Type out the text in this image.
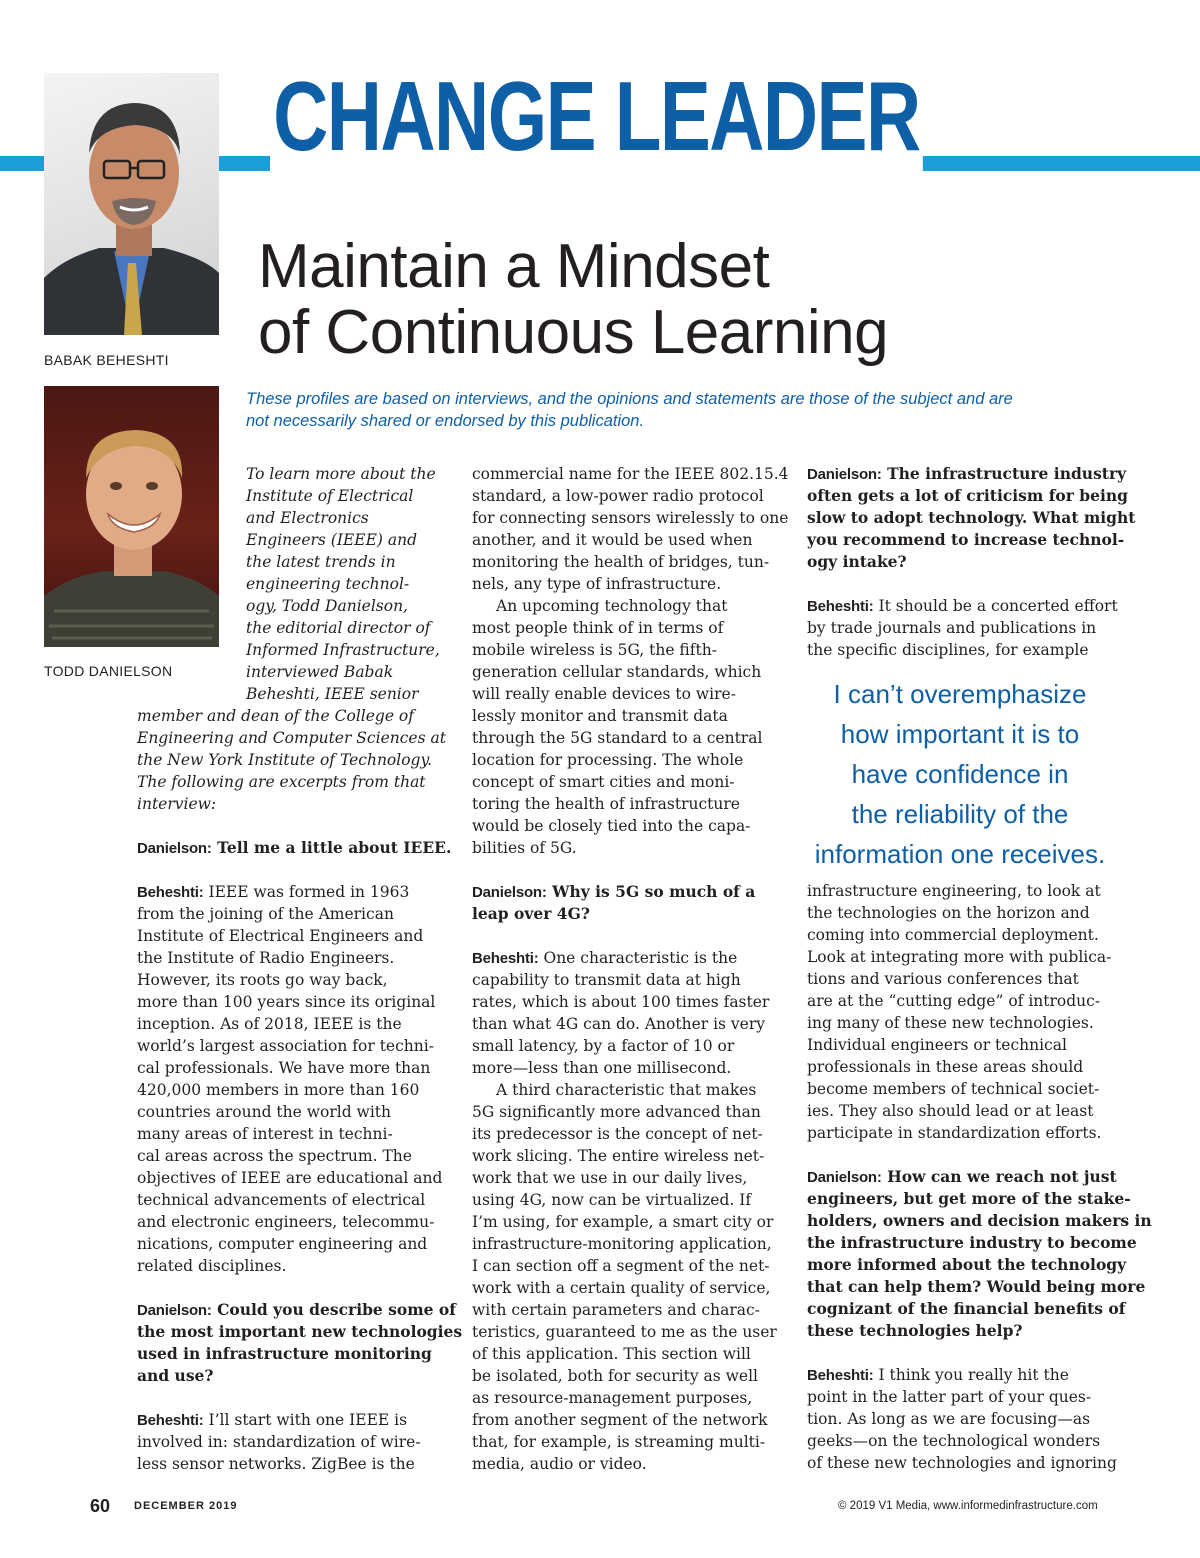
CHANGE LEADER
Maintain a Mindset
of Continuous Learning
BABAK BEHESHTI
TODD DANIELSON
These profiles are based on interviews, and the opinions and statements are those of the subject and are
not necessarily shared or endorsed by this publication.
To learn more about the
Institute of Electrical
and Electronics
Engineers (IEEE) and
the latest trends in
engineering technol-
ogy, Todd Danielson,
the editorial director of
Informed Infrastructure,
interviewed Babak
Beheshti, IEEE senior
member and dean of the College of
Engineering and Computer Sciences at
the New York Institute of Technology.
The following are excerpts from that
interview:
Danielson: Tell me a little about IEEE.
Beheshti: IEEE was formed in 1963
from the joining of the American
Institute of Electrical Engineers and
the Institute of Radio Engineers.
However, its roots go way back,
more than 100 years since its original
inception. As of 2018, IEEE is the
world’s largest association for techni-
cal professionals. We have more than
420,000 members in more than 160
countries around the world with
many areas of interest in techni-
cal areas across the spectrum. The
objectives of IEEE are educational and
technical advancements of electrical
and electronic engineers, telecommu-
nications, computer engineering and
related disciplines.
Danielson: Could you describe some of
the most important new technologies
used in infrastructure monitoring
and use?
Beheshti: I’ll start with one IEEE is
involved in: standardization of wire-
less sensor networks. ZigBee is the
commercial name for the IEEE 802.15.4
standard, a low-power radio protocol
for connecting sensors wirelessly to one
another, and it would be used when
monitoring the health of bridges, tun-
nels, any type of infrastructure.
An upcoming technology that
most people think of in terms of
mobile wireless is 5G, the fifth-
generation cellular standards, which
will really enable devices to wire-
lessly monitor and transmit data
through the 5G standard to a central
location for processing. The whole
concept of smart cities and moni-
toring the health of infrastructure
would be closely tied into the capa-
bilities of 5G.
Danielson: Why is 5G so much of a
leap over 4G?
Beheshti: One characteristic is the
capability to transmit data at high
rates, which is about 100 times faster
than what 4G can do. Another is very
small latency, by a factor of 10 or
more—less than one millisecond.
A third characteristic that makes
5G significantly more advanced than
its predecessor is the concept of net-
work slicing. The entire wireless net-
work that we use in our daily lives,
using 4G, now can be virtualized. If
I’m using, for example, a smart city or
infrastructure-monitoring application,
I can section off a segment of the net-
work with a certain quality of service,
with certain parameters and charac-
teristics, guaranteed to me as the user
of this application. This section will
be isolated, both for security as well
as resource-management purposes,
from another segment of the network
that, for example, is streaming multi-
media, audio or video.
Danielson: The infrastructure industry
often gets a lot of criticism for being
slow to adopt technology. What might
you recommend to increase technol-
ogy intake?
Beheshti: It should be a concerted effort
by trade journals and publications in
the specific disciplines, for example
I can’t overemphasize
how important it is to
have confidence in
the reliability of the
information one receives.
infrastructure engineering, to look at
the technologies on the horizon and
coming into commercial deployment.
Look at integrating more with publica-
tions and various conferences that
are at the “cutting edge” of introduc-
ing many of these new technologies.
Individual engineers or technical
professionals in these areas should
become members of technical societ-
ies. They also should lead or at least
participate in standardization efforts.
Danielson: How can we reach not just
engineers, but get more of the stake-
holders, owners and decision makers in
the infrastructure industry to become
more informed about the technology
that can help them? Would being more
cognizant of the financial benefits of
these technologies help?
Beheshti: I think you really hit the
point in the latter part of your ques-
tion. As long as we are focusing—as
geeks—on the technological wonders
of these new technologies and ignoring
60 DECEMBER 2019	© 2019 V1 Media, www.informedinfrastructure.com
